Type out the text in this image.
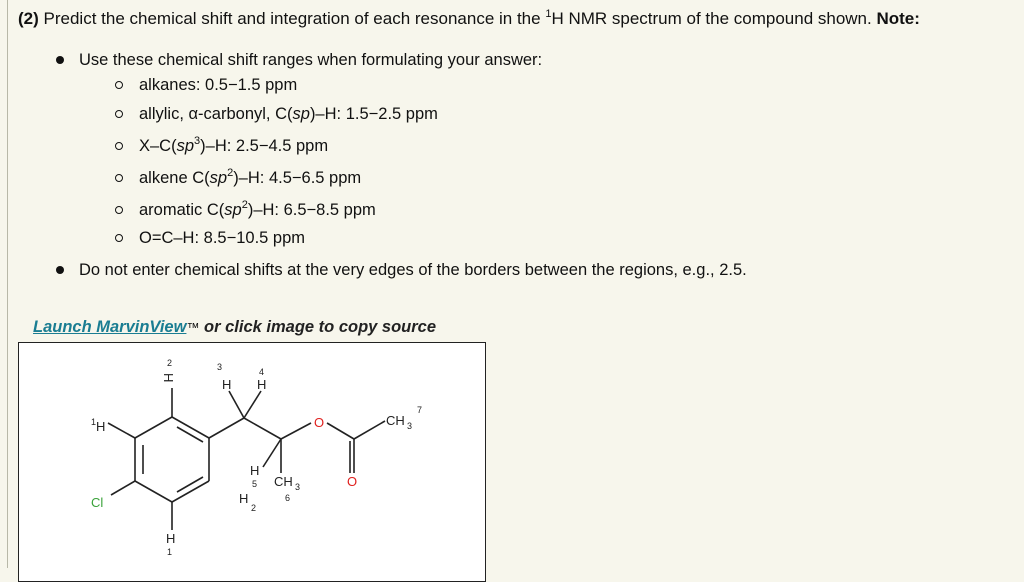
(2) Predict the chemical shift and integration of each resonance in the $^1$H NMR spectrum of the compound shown. Note:
Use these chemical shift ranges when formulating your answer:
alkanes: 0.5−1.5 ppm
allylic, α-carbonyl, C(sp)–H: 1.5−2.5 ppm
$X-C(sp^3)-H$: 2.5−4.5 ppm
alkene $C(sp^2)-H$: 4.5−6.5 ppm
aromatic $C(sp^2)-H$: 6.5−8.5 ppm
O=C–H: 8.5−10.5 ppm
Do not enter chemical shifts at the very edges of the borders between the regions, e.g., 2.5.
Launch MarvinView™ or click image to copy source
1 H
H
2	3
H
4
H
Cl
H
1
H
5
H
2
CH 3
6
O
O
CH 3
7
